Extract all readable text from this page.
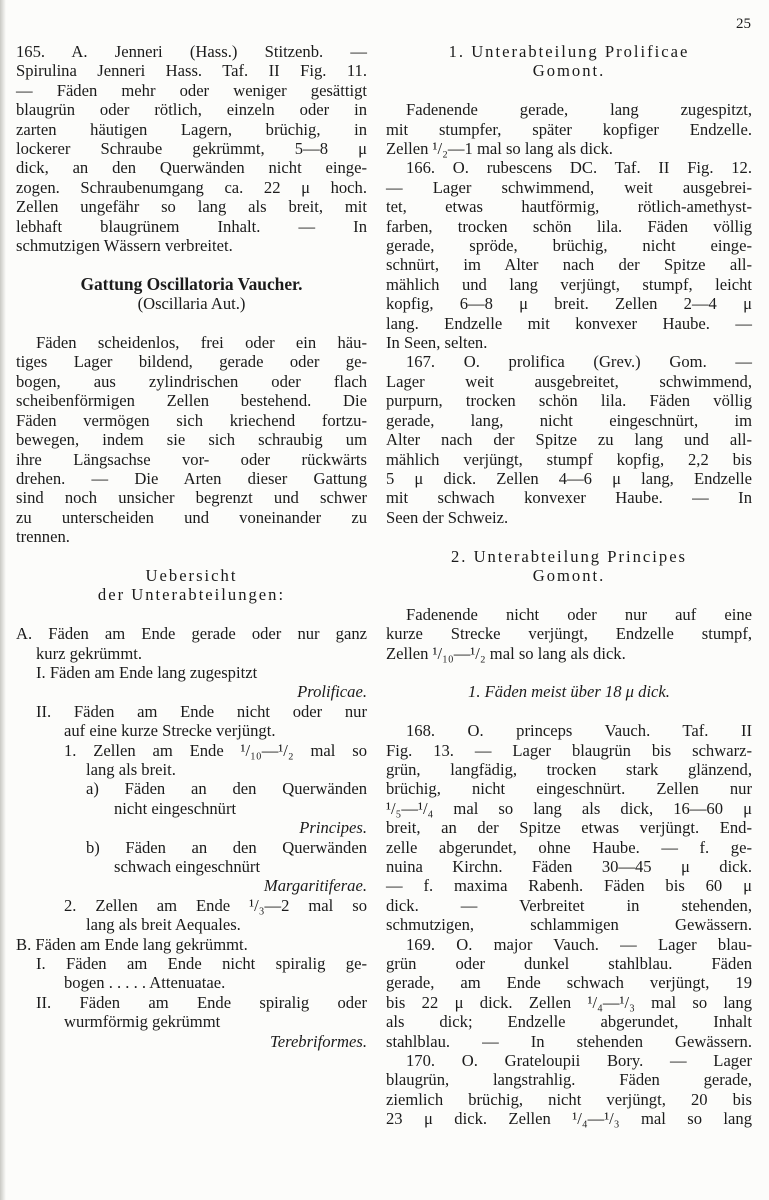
25
165. A. Jenneri (Hass.) Stitzenb. —
Spirulina Jenneri Hass. Taf. II Fig. 11.
— Fäden mehr oder weniger gesättigt
blaugrün oder rötlich, einzeln oder in
zarten häutigen Lagern, brüchig, in
lockerer Schraube gekrümmt, 5—8 μ
dick, an den Querwänden nicht einge-
zogen. Schraubenumgang ca. 22 μ hoch.
Zellen ungefähr so lang als breit, mit
lebhaft blaugrünem Inhalt. — In
schmutzigen Wässern verbreitet.
Gattung Oscillatoria Vaucher.
(Oscillaria Aut.)
Fäden scheidenlos, frei oder ein häu-
tiges Lager bildend, gerade oder ge-
bogen, aus zylindrischen oder flach
scheibenförmigen Zellen bestehend. Die
Fäden vermögen sich kriechend fortzu-
bewegen, indem sie sich schraubig um
ihre Längsachse vor- oder rückwärts
drehen. — Die Arten dieser Gattung
sind noch unsicher begrenzt und schwer
zu unterscheiden und voneinander zu
trennen.
Uebersicht
der Unterabteilungen:
A. Fäden am Ende gerade oder nur ganz
kurz gekrümmt.
I. Fäden am Ende lang zugespitzt
Prolificae.
II. Fäden am Ende nicht oder nur
auf eine kurze Strecke verjüngt.
1. Zellen am Ende ¹/₁₀—¹/₂ mal so
lang als breit.
a) Fäden an den Querwänden
nicht eingeschnürt
Principes.
b) Fäden an den Querwänden
schwach eingeschnürt
Margaritiferae.
2. Zellen am Ende ¹/₃—2 mal so
lang als breit Aequales.
B. Fäden am Ende lang gekrümmt.
I. Fäden am Ende nicht spiralig ge-
bogen . . . . . Attenuatae.
II. Fäden am Ende spiralig oder
wurmförmig gekrümmt
Terebriformes.
1. Unterabteilung Prolificae
Gomont.
Fadenende gerade, lang zugespitzt,
mit stumpfer, später kopfiger Endzelle.
Zellen ¹/₂—1 mal so lang als dick.
166. O. rubescens DC. Taf. II Fig. 12.
— Lager schwimmend, weit ausgebrei-
tet, etwas hautförmig, rötlich-amethyst-
farben, trocken schön lila. Fäden völlig
gerade, spröde, brüchig, nicht einge-
schnürt, im Alter nach der Spitze all-
mählich und lang verjüngt, stumpf, leicht
kopfig, 6—8 μ breit. Zellen 2—4 μ
lang. Endzelle mit konvexer Haube. —
In Seen, selten.
167. O. prolifica (Grev.) Gom. —
Lager weit ausgebreitet, schwimmend,
purpurn, trocken schön lila. Fäden völlig
gerade, lang, nicht eingeschnürt, im
Alter nach der Spitze zu lang und all-
mählich verjüngt, stumpf kopfig, 2,2 bis
5 μ dick. Zellen 4—6 μ lang, Endzelle
mit schwach konvexer Haube. — In
Seen der Schweiz.
2. Unterabteilung Principes
Gomont.
Fadenende nicht oder nur auf eine
kurze Strecke verjüngt, Endzelle stumpf,
Zellen ¹/₁₀—¹/₂ mal so lang als dick.
1. Fäden meist über 18 μ dick.
168. O. princeps Vauch. Taf. II
Fig. 13. — Lager blaugrün bis schwarz-
grün, langfädig, trocken stark glänzend,
brüchig, nicht eingeschnürt. Zellen nur
¹/₅—¹/₄ mal so lang als dick, 16—60 μ
breit, an der Spitze etwas verjüngt. End-
zelle abgerundet, ohne Haube. — f. ge-
nuina Kirchn. Fäden 30—45 μ dick.
— f. maxima Rabenh. Fäden bis 60 μ
dick. — Verbreitet in stehenden,
schmutzigen, schlammigen Gewässern.
169. O. major Vauch. — Lager blau-
grün oder dunkel stahlblau. Fäden
gerade, am Ende schwach verjüngt, 19
bis 22 μ dick. Zellen ¹/₄—¹/₃ mal so lang
als dick; Endzelle abgerundet, Inhalt
stahlblau. — In stehenden Gewässern.
170. O. Grateloupii Bory. — Lager
blaugrün, langstrahlig. Fäden gerade,
ziemlich brüchig, nicht verjüngt, 20 bis
23 μ dick. Zellen ¹/₄—¹/₃ mal so lang
